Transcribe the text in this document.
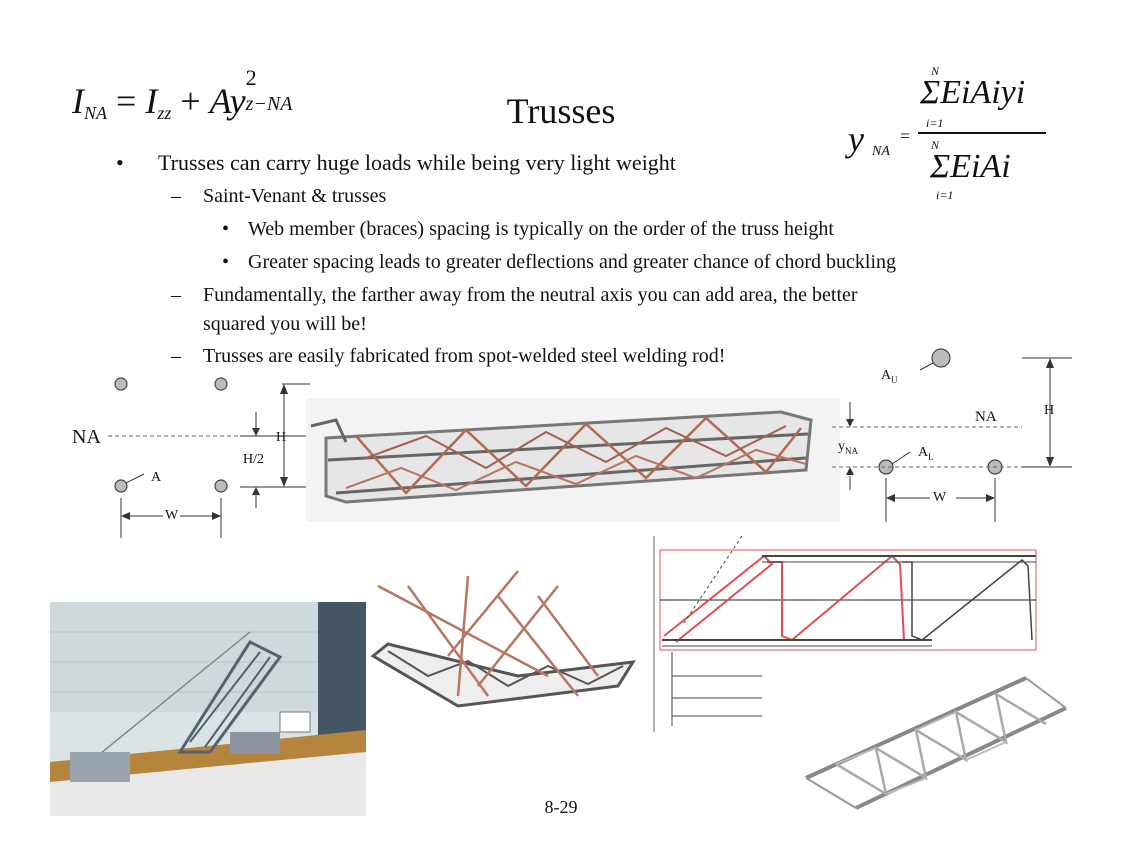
$I_{NA} = I_{zz} + Ay$
2
z−NA	Trusses
y NA
=
N
ΣEiAiyi
i=1
N
ΣEiAi
i=1
• Trusses can carry huge loads while being very light weight
– Saint-Venant & trusses
• Web member (braces) spacing is typically on the order of the truss height
• Greater spacing leads to greater deflections and greater chance of chord buckling
– Fundamentally, the farther away from the neutral axis you can add area, the better
squared you will be!
– Trusses are easily fabricated from spot-welded steel welding rod!
NA	H
H/2
A
W
$A_U$
NA	H
$y_{NA}$	$A_L$
W
8-29
